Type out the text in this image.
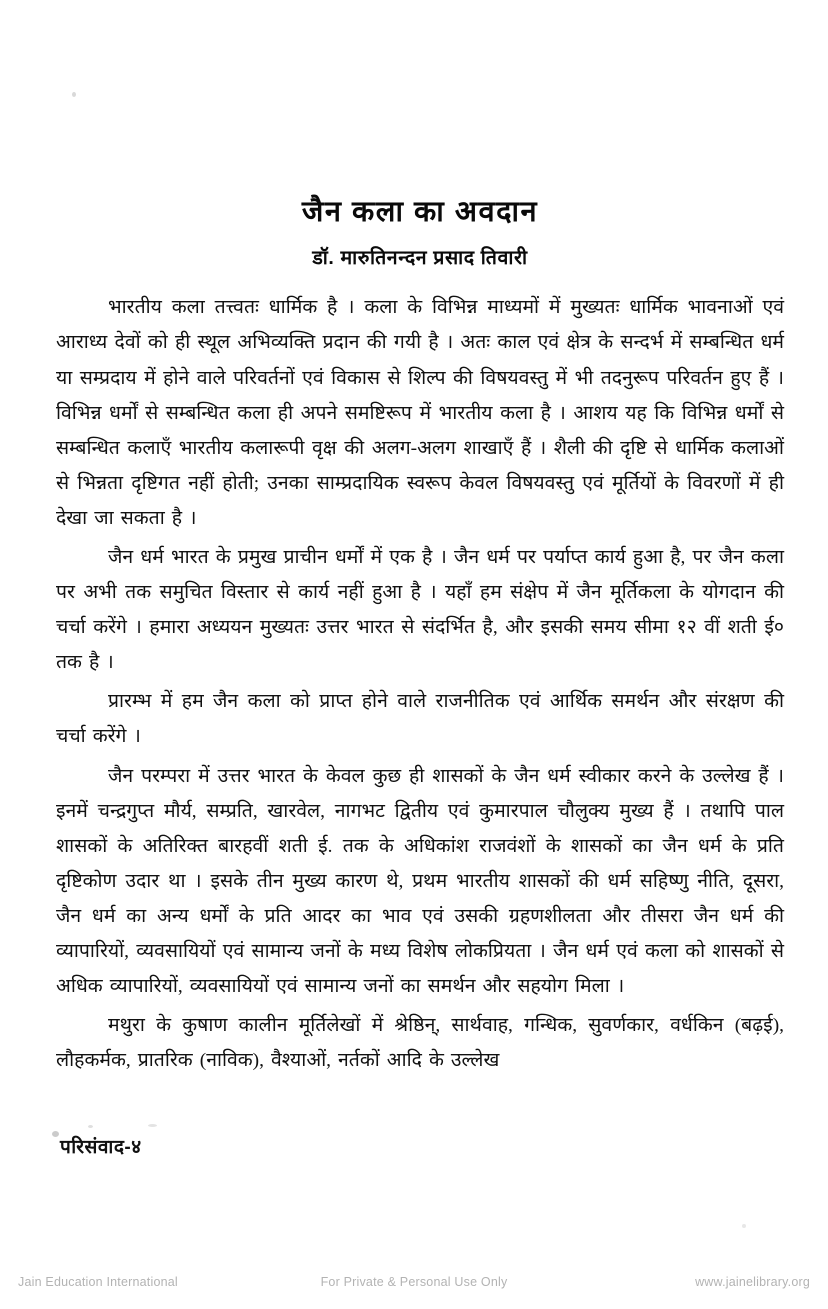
जैन कला का अवदान
डॉ. मारुतिनन्दन प्रसाद तिवारी

भारतीय कला तत्त्वतः धार्मिक है । कला के विभिन्न माध्यमों में मुख्यतः धार्मिक भावनाओं एवं आराध्य देवों को ही स्थूल अभिव्यक्ति प्रदान की गयी है । अतः काल एवं क्षेत्र के सन्दर्भ में सम्बन्धित धर्म या सम्प्रदाय में होने वाले परिवर्तनों एवं विकास से शिल्प की विषयवस्तु में भी तदनुरूप परिवर्तन हुए हैं । विभिन्न धर्मों से सम्बन्धित कला ही अपने समष्टिरूप में भारतीय कला है । आशय यह कि विभिन्न धर्मों से सम्बन्धित कलाएँ भारतीय कलारूपी वृक्ष की अलग-अलग शाखाएँ हैं । शैली की दृष्टि से धार्मिक कलाओं से भिन्नता दृष्टिगत नहीं होती; उनका साम्प्रदायिक स्वरूप केवल विषयवस्तु एवं मूर्तियों के विवरणों में ही देखा जा सकता है ।

जैन धर्म भारत के प्रमुख प्राचीन धर्मों में एक है । जैन धर्म पर पर्याप्त कार्य हुआ है, पर जैन कला पर अभी तक समुचित विस्तार से कार्य नहीं हुआ है । यहाँ हम संक्षेप में जैन मूर्तिकला के योगदान की चर्चा करेंगे । हमारा अध्ययन मुख्यतः उत्तर भारत से संदर्भित है, और इसकी समय सीमा १२ वीं शती ई० तक है ।

प्रारम्भ में हम जैन कला को प्राप्त होने वाले राजनीतिक एवं आर्थिक समर्थन और संरक्षण की चर्चा करेंगे ।

जैन परम्परा में उत्तर भारत के केवल कुछ ही शासकों के जैन धर्म स्वीकार करने के उल्लेख हैं । इनमें चन्द्रगुप्त मौर्य, सम्प्रति, खारवेल, नागभट द्वितीय एवं कुमारपाल चौलुक्य मुख्य हैं । तथापि पाल शासकों के अतिरिक्त बारहवीं शती ई. तक के अधिकांश राजवंशों के शासकों का जैन धर्म के प्रति दृष्टिकोण उदार था । इसके तीन मुख्य कारण थे, प्रथम भारतीय शासकों की धर्म सहिष्णु नीति, दूसरा, जैन धर्म का अन्य धर्मों के प्रति आदर का भाव एवं उसकी ग्रहणशीलता और तीसरा जैन धर्म की व्यापारियों, व्यवसायियों एवं सामान्य जनों के मध्य विशेष लोकप्रियता । जैन धर्म एवं कला को शासकों से अधिक व्यापारियों, व्यवसायियों एवं सामान्य जनों का समर्थन और सहयोग मिला ।

मथुरा के कुषाण कालीन मूर्तिलेखों में श्रेष्ठिन्, सार्थवाह, गन्धिक, सुवर्णकार, वर्धकिन (बढ़ई), लौहकर्मक, प्रातरिक (नाविक), वैश्याओं, नर्तकों आदि के उल्लेख

परिसंवाद-४
Jain Education International	For Private & Personal Use Only	www.jainelibrary.org
